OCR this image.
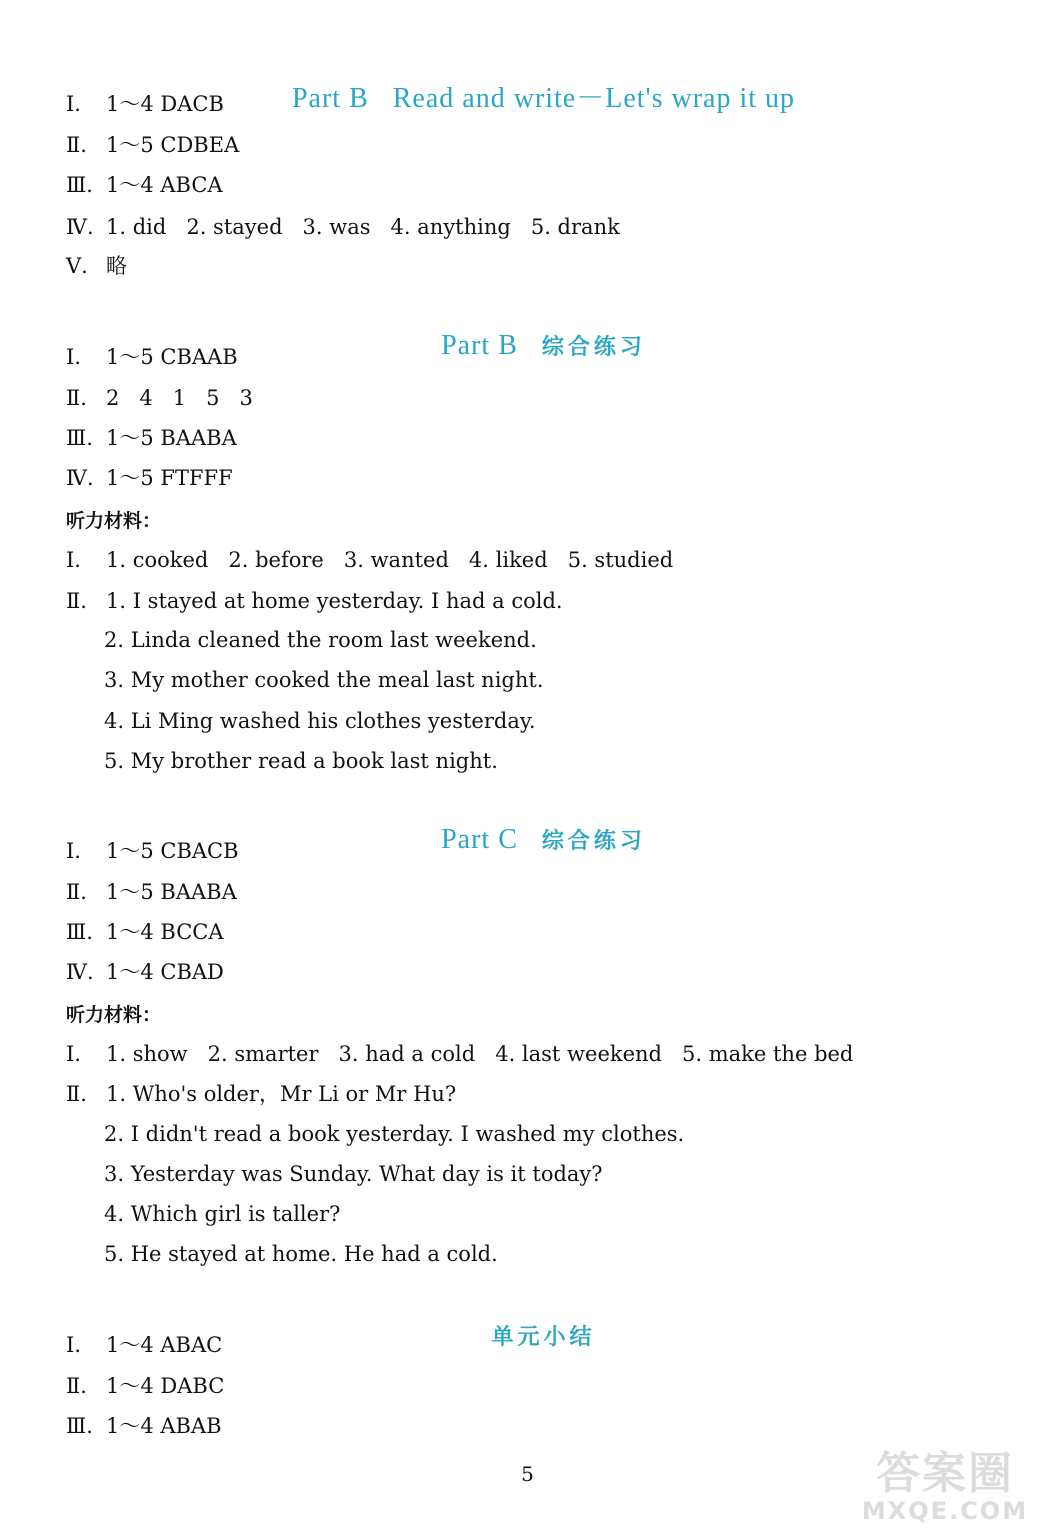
Part B   Read and write－Let's wrap it up

Ⅰ. 1～4 DACB
Ⅱ. 1～5 CDBEA
Ⅲ. 1～4 ABCA
Ⅳ. 1. did   2. stayed   3. was   4. anything   5. drank
Ⅴ. 略

Part B 综合练习

Ⅰ. 1～5 CBAAB
Ⅱ. 2   4   1   5   3
Ⅲ. 1～5 BAABA
Ⅳ. 1～5 FTFFF
听力材料：
Ⅰ. 1. cooked   2. before   3. wanted   4. liked   5. studied
Ⅱ. 1. I stayed at home yesterday. I had a cold.
2. Linda cleaned the room last weekend.
3. My mother cooked the meal last night.
4. Li Ming washed his clothes yesterday.
5. My brother read a book last night.

Part C 综合练习

Ⅰ. 1～5 CBACB
Ⅱ. 1～5 BAABA
Ⅲ. 1～4 BCCA
Ⅳ. 1～4 CBAD
听力材料：
Ⅰ. 1. show   2. smarter   3. had a cold   4. last weekend   5. make the bed
Ⅱ. 1. Who's older，Mr Li or Mr Hu?
2. I didn't read a book yesterday. I washed my clothes.
3. Yesterday was Sunday. What day is it today?
4. Which girl is taller?
5. He stayed at home. He had a cold.

单元小结

Ⅰ. 1～4 ABAC
Ⅱ. 1～4 DABC
Ⅲ. 1～4 ABAB
5	答案圈
MXQE.COM
